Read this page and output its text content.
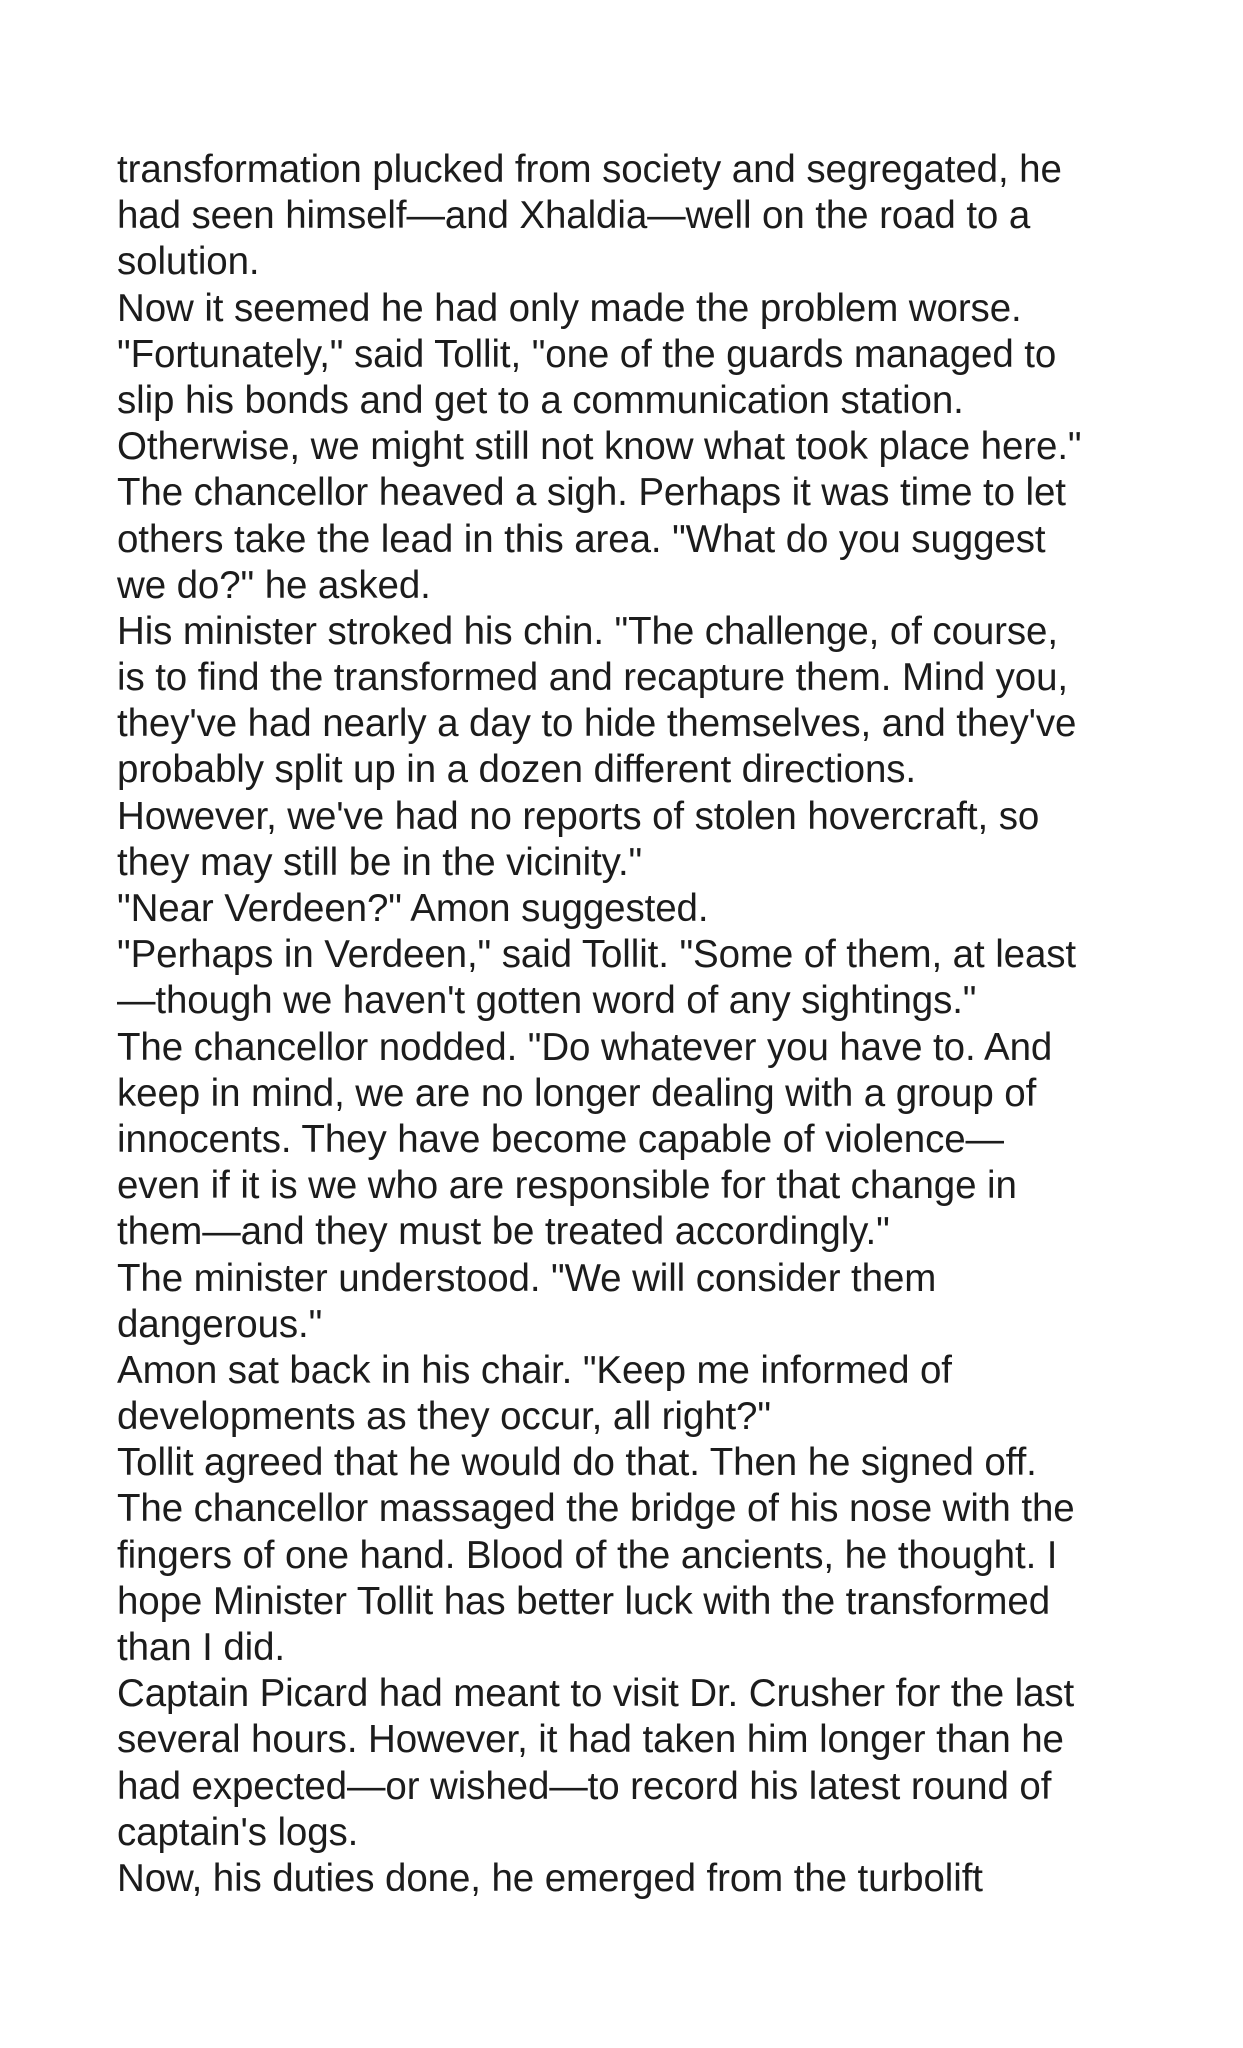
transformation plucked from society and segregated, he
had seen himself—and Xhaldia—well on the road to a
solution.
Now it seemed he had only made the problem worse.
"Fortunately," said Tollit, "one of the guards managed to
slip his bonds and get to a communication station.
Otherwise, we might still not know what took place here."
The chancellor heaved a sigh. Perhaps it was time to let
others take the lead in this area. "What do you suggest
we do?" he asked.
His minister stroked his chin. "The challenge, of course,
is to find the transformed and recapture them. Mind you,
they've had nearly a day to hide themselves, and they've
probably split up in a dozen different directions.
However, we've had no reports of stolen hovercraft, so
they may still be in the vicinity."
"Near Verdeen?" Amon suggested.
"Perhaps in Verdeen," said Tollit. "Some of them, at least
—though we haven't gotten word of any sightings."
The chancellor nodded. "Do whatever you have to. And
keep in mind, we are no longer dealing with a group of
innocents. They have become capable of violence—
even if it is we who are responsible for that change in
them—and they must be treated accordingly."
The minister understood. "We will consider them
dangerous."
Amon sat back in his chair. "Keep me informed of
developments as they occur, all right?"
Tollit agreed that he would do that. Then he signed off.
The chancellor massaged the bridge of his nose with the
fingers of one hand. Blood of the ancients, he thought. I
hope Minister Tollit has better luck with the transformed
than I did.
Captain Picard had meant to visit Dr. Crusher for the last
several hours. However, it had taken him longer than he
had expected—or wished—to record his latest round of
captain's logs.
Now, his duties done, he emerged from the turbolift
